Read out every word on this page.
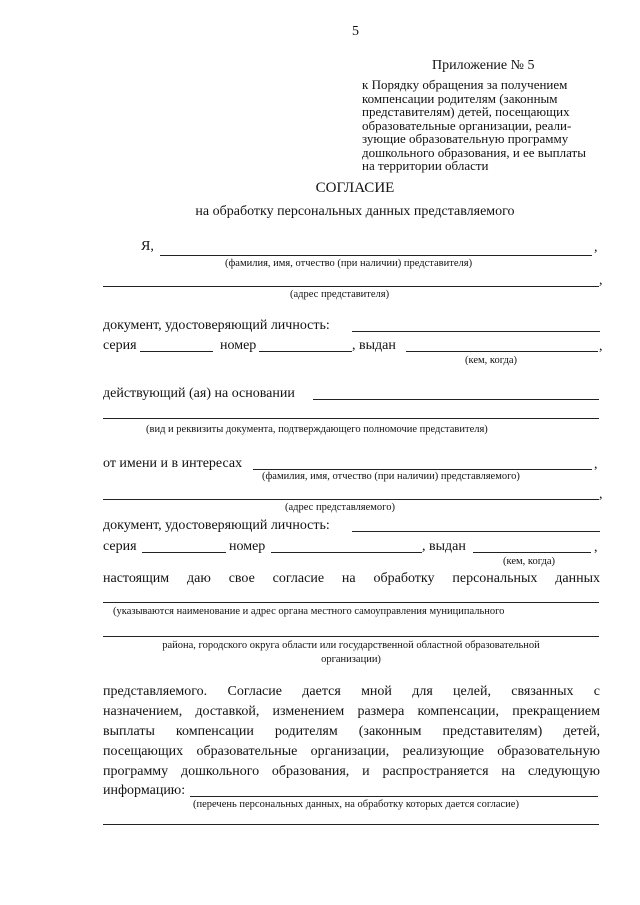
5
Приложение № 5
к Порядку обращения за получением
компенсации родителям (законным
представителям) детей, посещающих
образовательные организации, реали-
зующие образовательную программу
дошкольного образования, и ее выплаты
на территории области
СОГЛАСИЕ
на обработку персональных данных представляемого
Я,	,
(фамилия, имя, отчество (при наличии) представителя)
,
(адрес представителя)
документ, удостоверяющий личность:
серия	номер	, выдан	,
(кем, когда)
действующий (ая) на основании
(вид и реквизиты документа, подтверждающего полномочие представителя)
от имени и в интересах	,
(фамилия, имя, отчество (при наличии) представляемого)
,
(адрес представляемого)
документ, удостоверяющий личность:
серия	номер	, выдан	,
(кем, когда)
настоящим даю свое согласие на обработку персональных данных
(указываются наименование и адрес органа местного самоуправления муниципального
района, городского округа области или государственной областной образовательной
организации)
представляемого. Согласие дается мной для целей, связанных с
назначением, доставкой, изменением размера компенсации, прекращением
выплаты компенсации родителям (законным представителям) детей,
посещающих образовательные организации, реализующие образовательную
программу дошкольного образования, и распространяется на следующую
информацию:
(перечень персональных данных, на обработку которых дается согласие)
